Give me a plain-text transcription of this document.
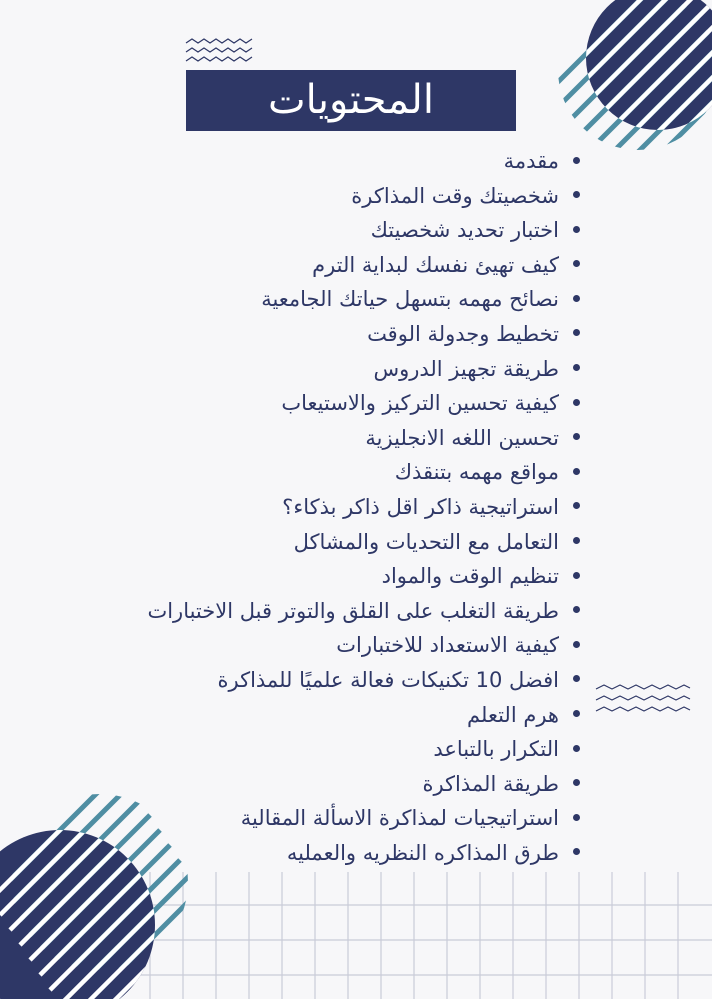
المحتويات
مقدمة
شخصيتك وقت المذاكرة
اختبار تحديد شخصيتك
كيف تهيئ نفسك لبداية الترم
نصائح مهمه بتسهل حياتك الجامعية
تخطيط وجدولة الوقت
طريقة تجهيز الدروس
كيفية تحسين التركيز والاستيعاب
تحسين اللغه الانجليزية
مواقع مهمه بتنقذك
استراتيجية ذاكر اقل ذاكر بذكاء؟
التعامل مع التحديات والمشاكل
تنظيم الوقت والمواد
طريقة التغلب على القلق والتوتر قبل الاختبارات
كيفية الاستعداد للاختبارات
افضل 10 تكنيكات فعالة علميًا للمذاكرة
هرم التعلم
التكرار بالتباعد
طريقة المذاكرة
استراتيجيات لمذاكرة الاسألة المقالية
طرق المذاكره النظريه والعمليه
